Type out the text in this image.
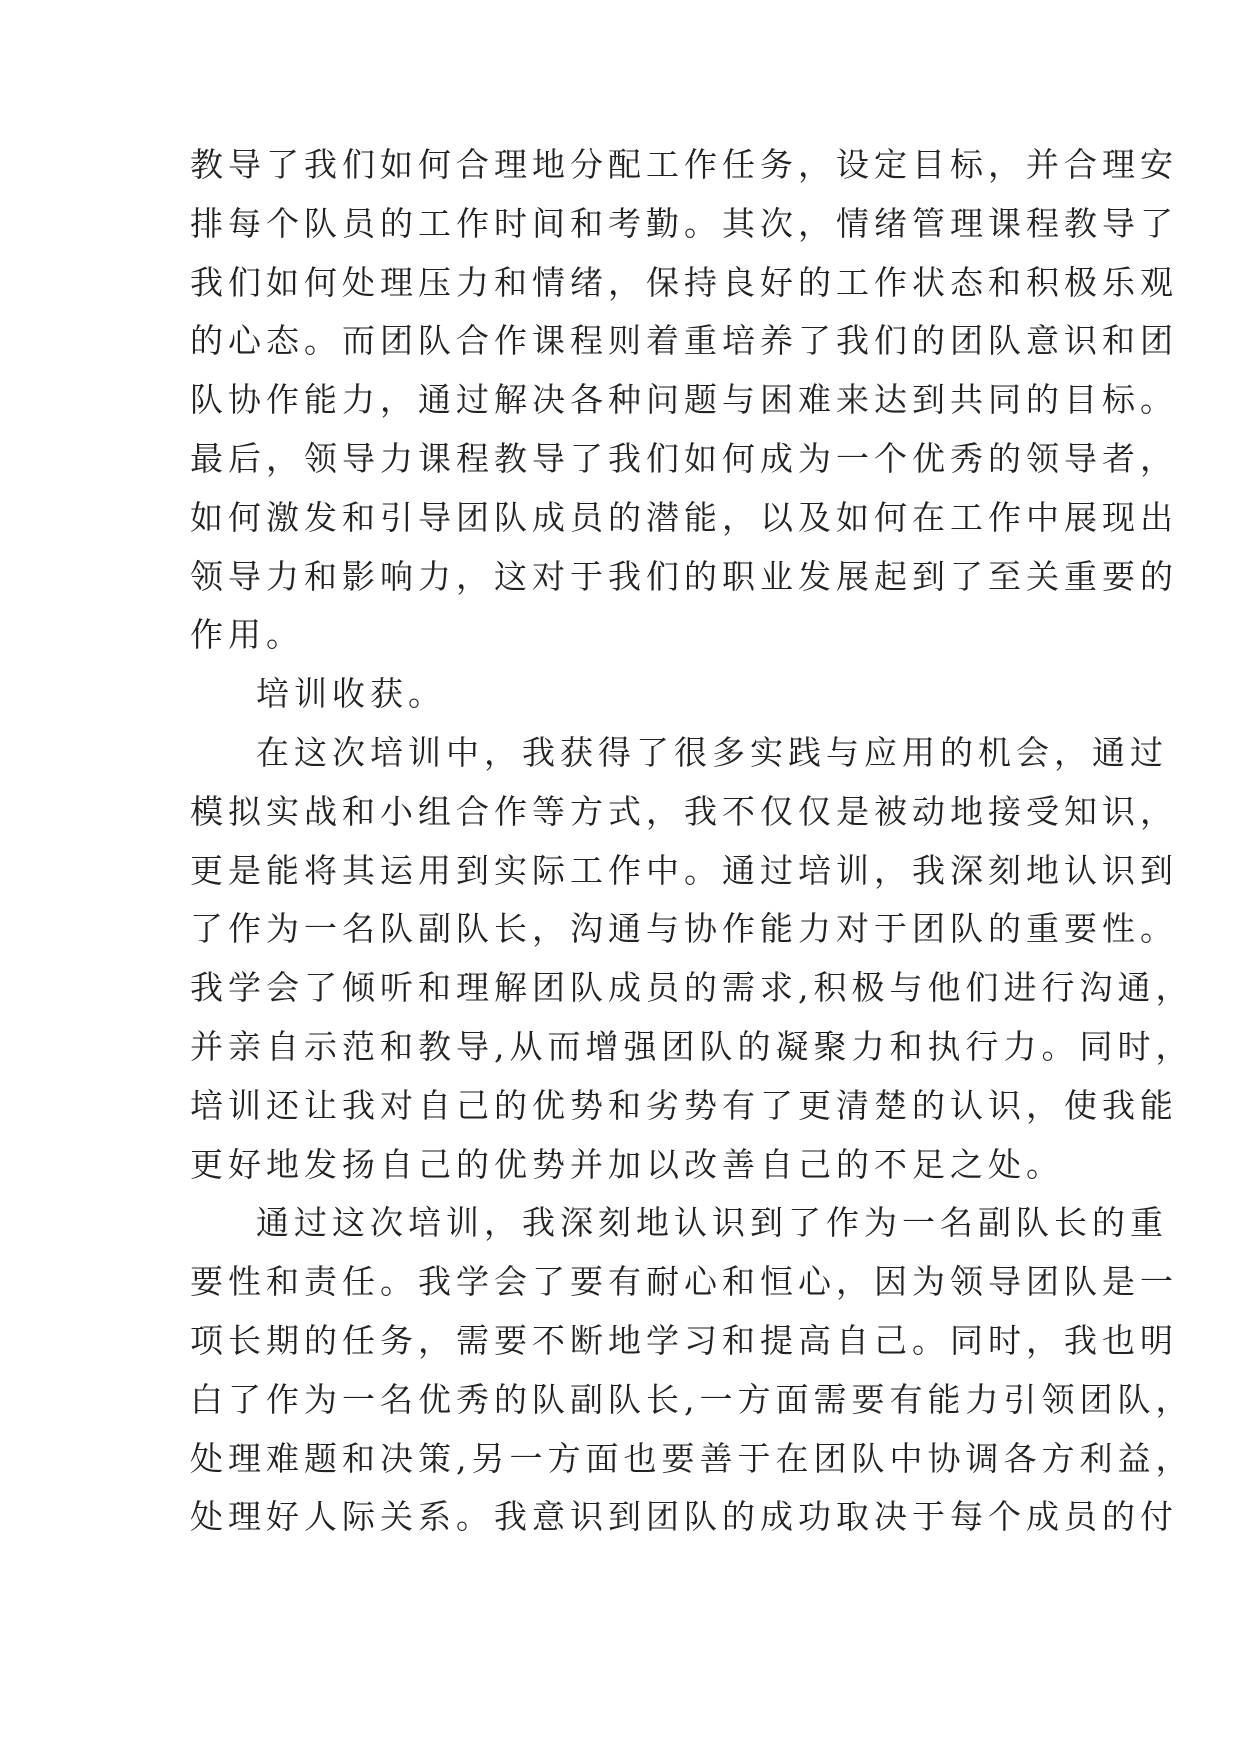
教导了我们如何合理地分配工作任务，设定目标，并合理安
排每个队员的工作时间和考勤。其次，情绪管理课程教导了
我们如何处理压力和情绪，保持良好的工作状态和积极乐观
的心态。而团队合作课程则着重培养了我们的团队意识和团
队协作能力，通过解决各种问题与困难来达到共同的目标。
最后，领导力课程教导了我们如何成为一个优秀的领导者，
如何激发和引导团队成员的潜能，以及如何在工作中展现出
领导力和影响力，这对于我们的职业发展起到了至关重要的
作用。
培训收获。
在这次培训中，我获得了很多实践与应用的机会，通过
模拟实战和小组合作等方式，我不仅仅是被动地接受知识，
更是能将其运用到实际工作中。通过培训，我深刻地认识到
了作为一名队副队长，沟通与协作能力对于团队的重要性。
我学会了倾听和理解团队成员的需求,积极与他们进行沟通，
并亲自示范和教导,从而增强团队的凝聚力和执行力。同时，
培训还让我对自己的优势和劣势有了更清楚的认识，使我能
更好地发扬自己的优势并加以改善自己的不足之处。
通过这次培训，我深刻地认识到了作为一名副队长的重
要性和责任。我学会了要有耐心和恒心，因为领导团队是一
项长期的任务，需要不断地学习和提高自己。同时，我也明
白了作为一名优秀的队副队长,一方面需要有能力引领团队，
处理难题和决策,另一方面也要善于在团队中协调各方利益，
处理好人际关系。我意识到团队的成功取决于每个成员的付
